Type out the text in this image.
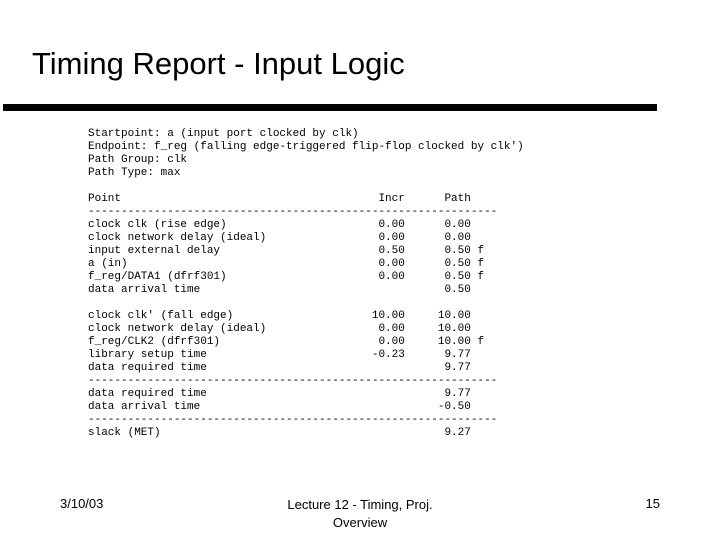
Timing Report - Input Logic
Startpoint: a (input port clocked by clk)
Endpoint: f_reg (falling edge-triggered flip-flop clocked by clk')
Path Group: clk
Path Type: max
Point                                       Incr      Path
--------------------------------------------------------------
clock clk (rise edge)                       0.00      0.00
clock network delay (ideal)                 0.00      0.00
input external delay                        0.50      0.50 f
a (in)                                      0.00      0.50 f
f_reg/DATA1 (dfrf301)                       0.00      0.50 f
data arrival time                                     0.50
clock clk' (fall edge)                     10.00     10.00
clock network delay (ideal)                 0.00     10.00
f_reg/CLK2 (dfrf301)                        0.00     10.00 f
library setup time                         -0.23      9.77
data required time                                    9.77
--------------------------------------------------------------
data required time                                    9.77
data arrival time                                    -0.50
--------------------------------------------------------------
slack (MET)                                           9.27
3/10/03	Lecture 12 - Timing, Proj.
Overview
15
